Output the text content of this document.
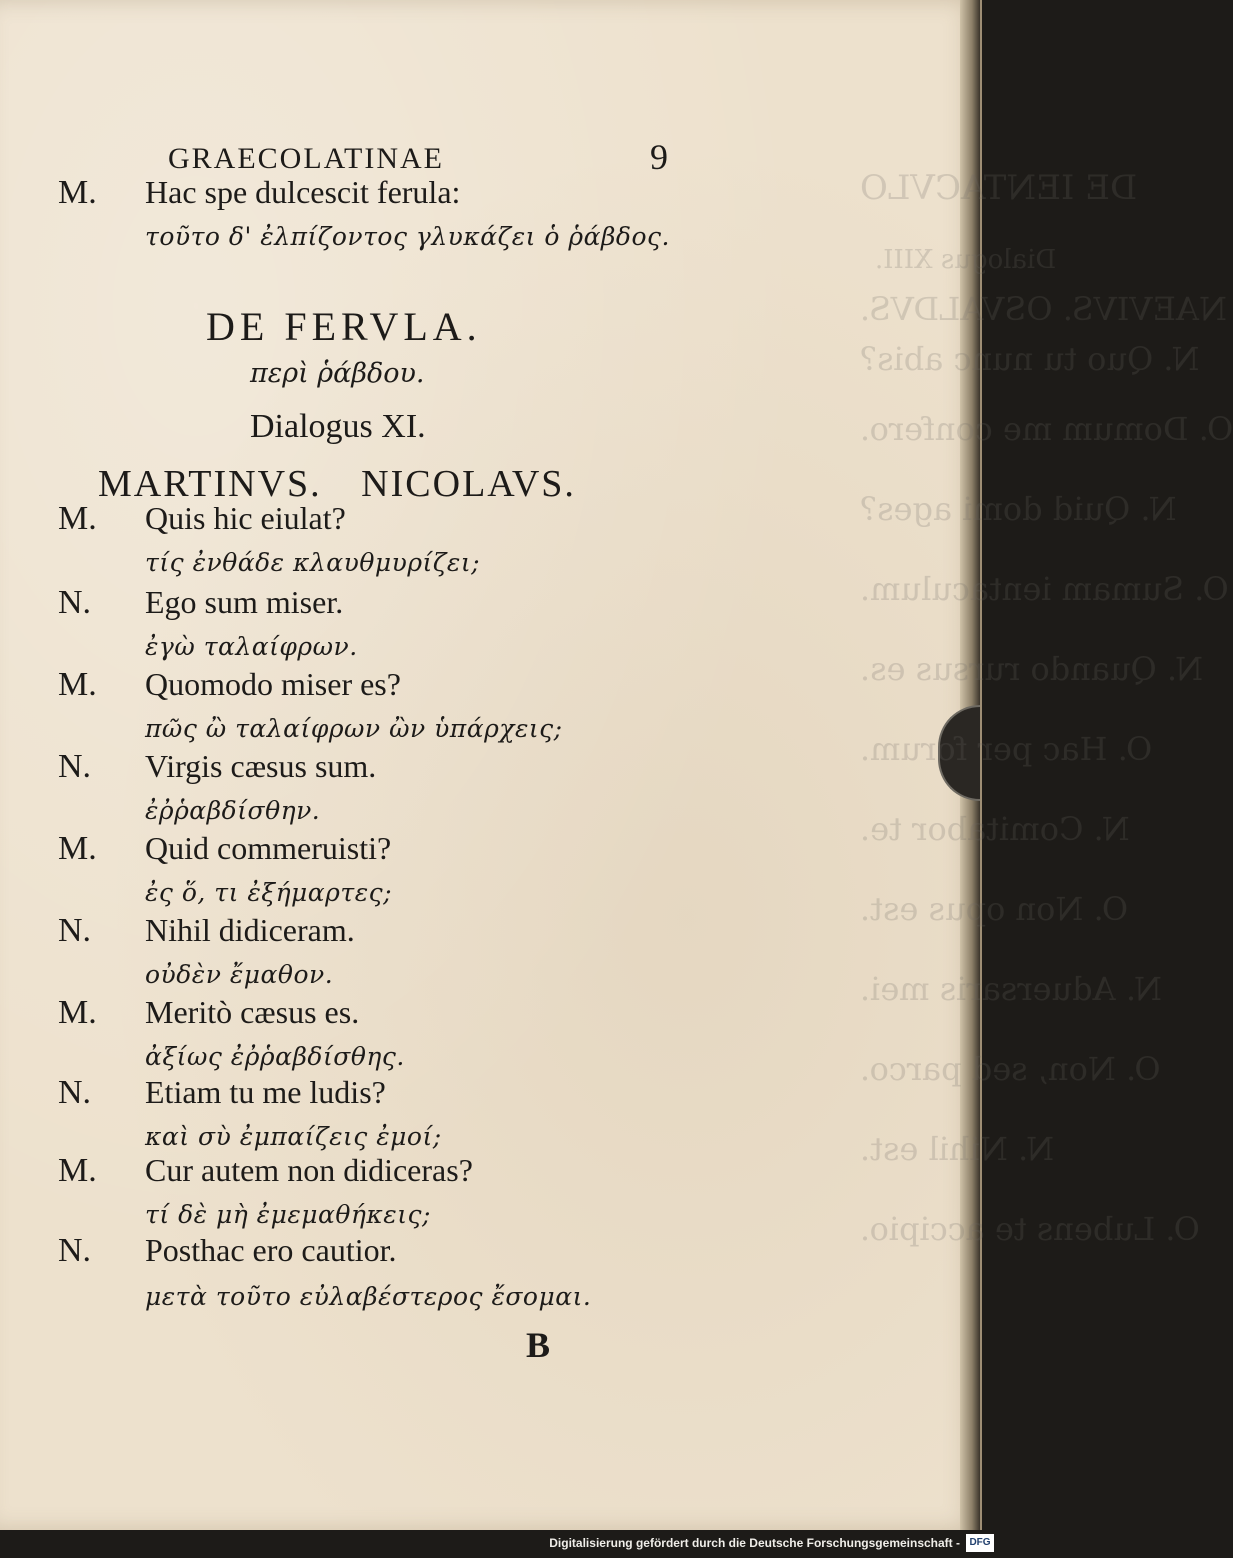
DE IENTACVLO
Dialogus XIII.
NAEVIVS. OSVALDVS.
N. Quo tu nunc abis?
O. Domum me confero.
N. Quid domi ages?
O. Sumam ientaculum.
N. Quando rursus es.
O. Hac per forum.
N. Comitabor te.
O. Non opus est.
N. Aduersaris mei.
O. Non, sed parco.
N. Nihil est.
O. Lubens te accipio.
GRAECOLATINAE	9
M. Hac spe dulcescit ferula:
τοῦτο δ' ἐλπίζοντος γλυκάζει ὁ ῥάβδος.
DE FERVLA.
περὶ ῥάβδου.
Dialogus XI.
MARTINVS. NICOLAVS.
M. Quis hic eiulat?
τίς ἐνθάδε κλαυθμυρίζει;
N. Ego sum miser.
ἐγὼ ταλαίφρων.
M. Quomodo miser es?
πῶς ὢ ταλαίφρων ὢν ὑπάρχεις;
N. Virgis cæsus sum.
ἐῤῥαβδίσθην.
M. Quid commeruisti?
ἐς ὅ, τι ἐξήμαρτες;
N. Nihil didiceram.
οὐδὲν ἔμαθον.
M. Meritò cæsus es.
ἀξίως ἐῤῥαβδίσθης.
N. Etiam tu me ludis?
καὶ σὺ ἐμπαίζεις ἐμοί;
M. Cur autem non didiceras?
τί δὲ μὴ ἐμεμαθήκεις;
N. Posthac ero cautior.
μετὰ τοῦτο εὐλαβέστερος ἔσομαι.
B
Digitalisierung gefördert durch die Deutsche Forschungsgemeinschaft - DFG
